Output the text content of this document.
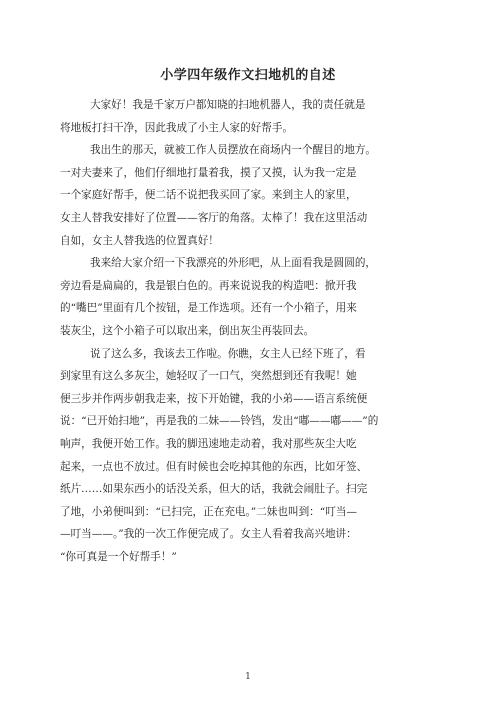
小学四年级作文扫地机的自述
大家好！我是千家万户都知晓的扫地机器人，我的责任就是
将地板打扫干净，因此我成了小主人家的好帮手。
我出生的那天，就被工作人员摆放在商场内一个醒目的地方。
一对夫妻来了，他们仔细地打量着我，摸了又摸，认为我一定是
一个家庭好帮手，便二话不说把我买回了家。来到主人的家里，
女主人替我安排好了位置——客厅的角落。太棒了！我在这里活动
自如，女主人替我选的位置真好！
我来给大家介绍一下我漂亮的外形吧，从上面看我是圆圆的，
旁边看是扁扁的，我是银白色的。再来说说我的构造吧：掀开我
的“嘴巴”里面有几个按钮，是工作选项。还有一个小箱子，用来
装灰尘，这个小箱子可以取出来，倒出灰尘再装回去。
说了这么多，我该去工作啦。你瞧，女主人已经下班了，看
到家里有这么多灰尘，她轻叹了一口气，突然想到还有我呢！她
便三步并作两步朝我走来，按下开始键，我的小弟——语言系统便
说：“已开始扫地”，再是我的二妹——铃铛，发出“嘟——嘟——”的
响声，我便开始工作。我的脚迅速地走动着，我对那些灰尘大吃
起来，一点也不放过。但有时候也会吃掉其他的东西，比如牙签、
纸片……如果东西小的话没关系，但大的话，我就会闹肚子。扫完
了地，小弟便叫到：“已扫完，正在充电。”二妹也叫到：“叮当—
—叮当——。”我的一次工作便完成了。女主人看着我高兴地讲：
“你可真是一个好帮手！”
1
